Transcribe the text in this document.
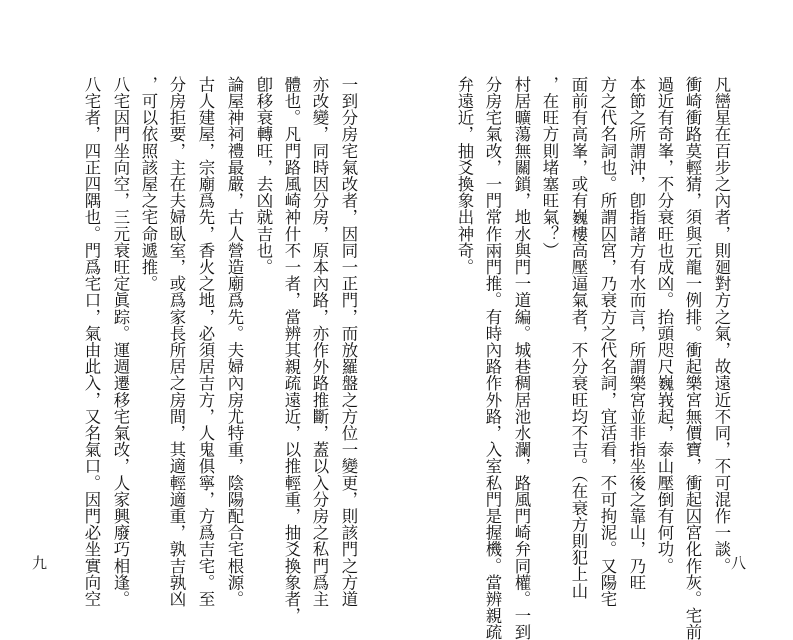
凡巒星在百步之內者，則廻對方之氣，故遠近不同，不可混作一談。
衝崎衝路莫輕猜，須與元龍一例排。衝起樂宮無價寶，衝起囚宮化作灰。宅前
過近有奇峯，不分衰旺也成凶。抬頭咫尺巍峩起，泰山壓倒有何功。
本節之所謂沖，卽指諸方有水而言，所謂樂宮並非指坐後之靠山，乃旺
方之代名詞也。所謂囚宮，乃衰方之代名詞，宜活看，不可拘泥。又陽宅
面前有高峯，或有巍樓高壓逼氣者，不分衰旺均不吉。（在衰方則犯上山
，在旺方則堵塞旺氣？）
村居曠蕩無關鎖，地水與門一道編。城巷稠居池水瀾，路風門崎弁同權。一到
分房宅氣改，一門常作兩門推。有時內路作外路，入室私門是握機。當辨親疏
弁遠近，抽爻換象出神奇。
八
一到分房宅氣改者，因同一正門，而放羅盤之方位一變更，則該門之方道
亦改變，同時因分房，原本內路，亦作外路推斷，蓋以入分房之私門爲主
體也。凡門路風崎衶什不一者，當辨其親疏遠近，以推輕重，抽爻換象者，
卽移衰轉旺，去凶就吉也。
論屋神祠禮最嚴，古人營造廟爲先。夫婦內房尤特重，陰陽配合宅根源。
古人建屋，宗廟爲先，香火之地，必須居吉方，人鬼俱寧，方爲吉宅。至
分房拒要，主在夫婦臥室，或爲家長所居之房間，其適輕適重，孰吉孰凶
，可以依照該屋之宅命遞推。
八宅因門坐向空，三元衰旺定眞踪。運週遷移宅氣改，人家興廢巧相逢。
八宅者，四正四隅也。門爲宅口，氣由此入，又名氣口。因門必坐實向空
九
